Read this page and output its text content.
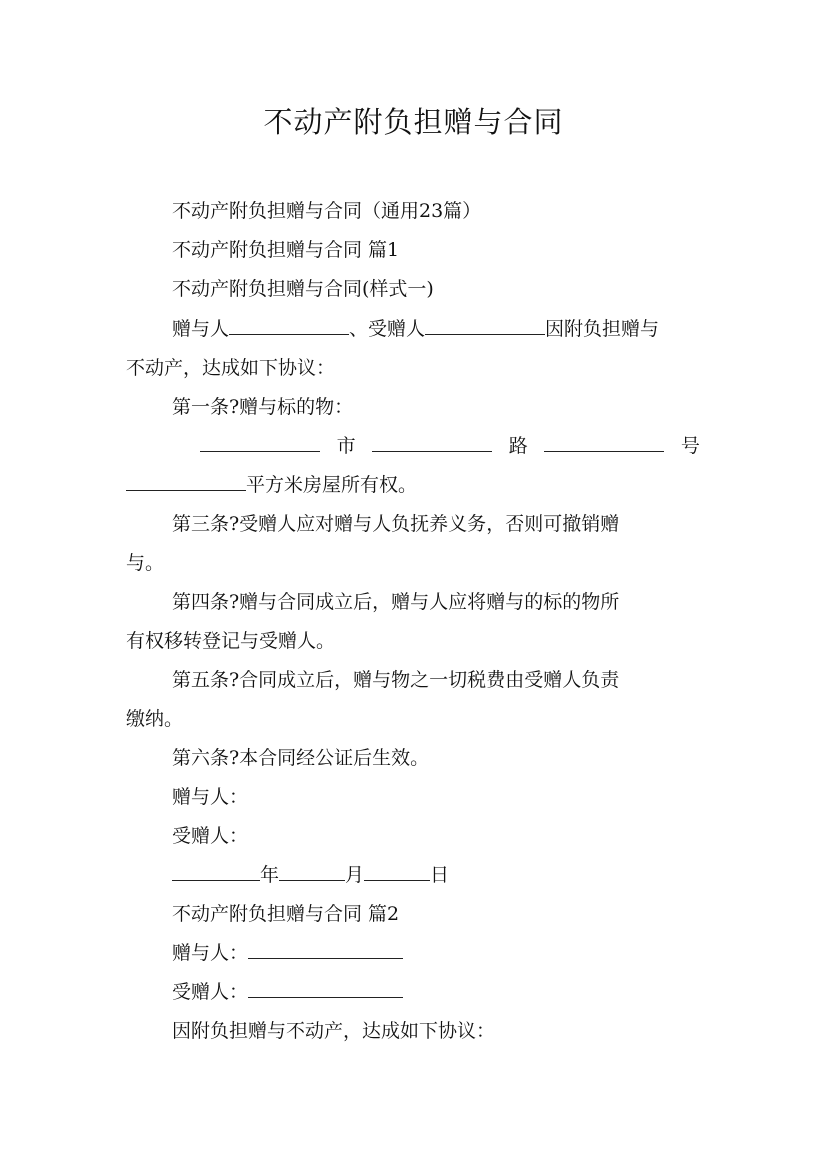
不动产附负担赠与合同
不动产附负担赠与合同（通用23篇）
不动产附负担赠与合同 篇1
不动产附负担赠与合同(样式一)
赠与人	、受赠人	因附负担赠与
不动产，达成如下协议：
第一条?赠与标的物：
市	路	号
平方米房屋所有权。
第三条?受赠人应对赠与人负抚养义务，否则可撤销赠
与。
第四条?赠与合同成立后，赠与人应将赠与的标的物所
有权移转登记与受赠人。
第五条?合同成立后，赠与物之一切税费由受赠人负责
缴纳。
第六条?本合同经公证后生效。
赠与人：
受赠人：
年	月	日
不动产附负担赠与合同 篇2
赠与人：
受赠人：
因附负担赠与不动产，达成如下协议：
